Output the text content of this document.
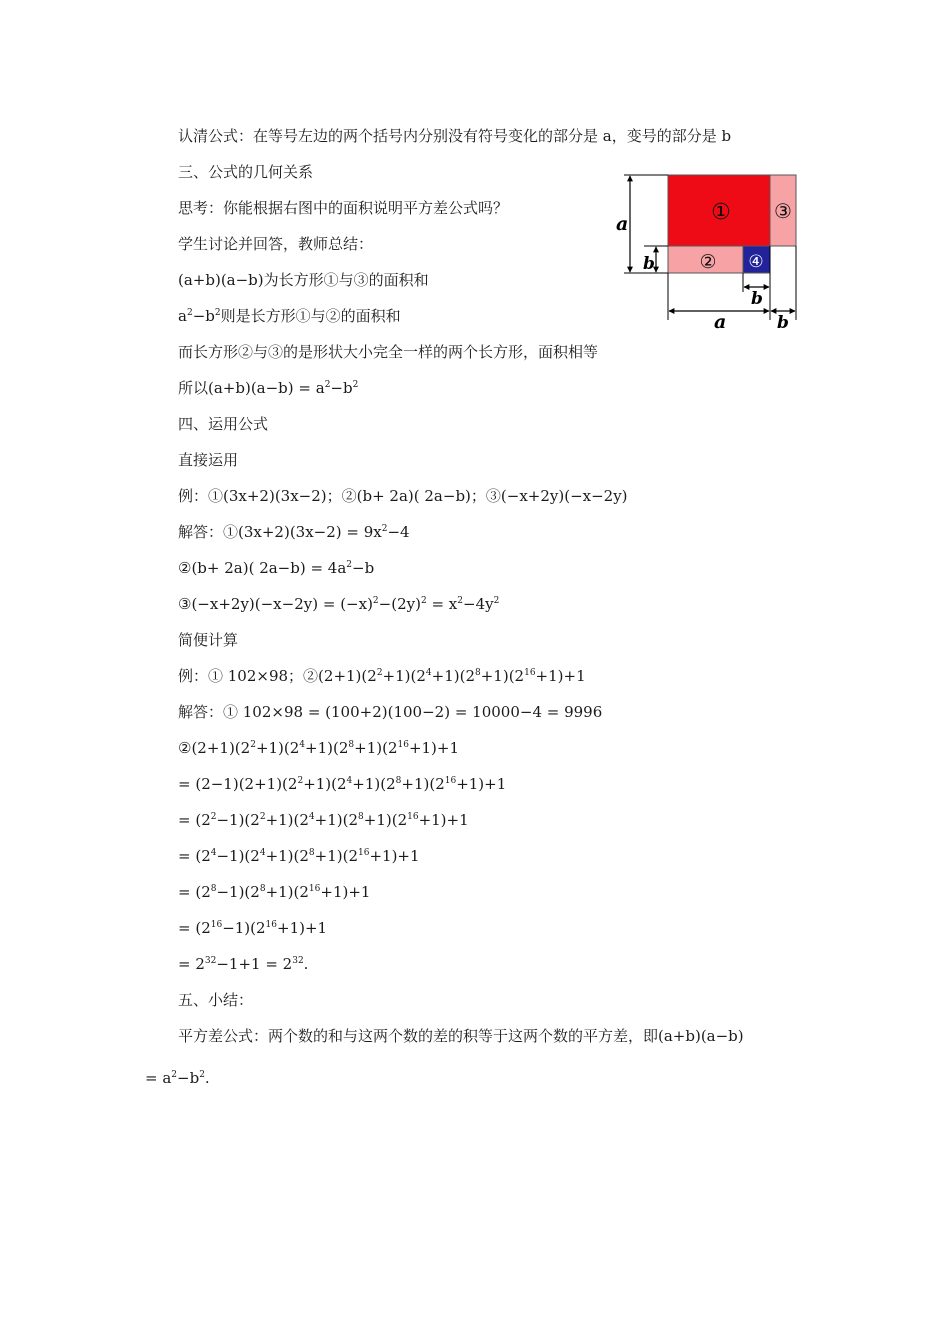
认清公式：在等号左边的两个括号内分别没有符号变化的部分是 a，变号的部分是 b
三、公式的几何关系
思考：你能根据右图中的面积说明平方差公式吗？
学生讨论并回答，教师总结：
(a+b)(a−b)为长方形①与③的面积和
$a^2-b^2$则是长方形①与②的面积和
而长方形②与③的是形状大小完全一样的两个长方形，面积相等
所以$(a+b)(a-b) = a^2-b^2$
四、运用公式
直接运用
例：①(3x+2)(3x−2)；②(b+ 2a)( 2a−b)；③(−x+2y)(−x−2y)
解答：①(3x+2)(3x−2) = $9x^2-4$
②(b+ 2a)( $2a-b) = 4a^2-b$
③(−x+2y)(−x−2y) = $(-x)^2-(2y)^2 = x^2-4y^2$
简便计算
例：① 102×98；$②(2+1)(2^2+1)(2^4+1)(2^8+1)(2^{16}+1)+1$
解答：① 102×98 = (100+2)(100−2) = 10000−4 = 9996
$②(2+1)(2^2+1)(2^4+1)(2^8+1)(2^{16}+1)+1$
= $(2-1)(2+1)(2^2+1)(2^4+1)(2^8+1)(2^{16}+1)+1$
= $(2^2-1)(2^2+1)(2^4+1)(2^8+1)(2^{16}+1)+1$
= $(2^4-1)(2^4+1)(2^8+1)(2^{16}+1)+1$
= $(2^8-1)(2^8+1)(2^{16}+1)+1$
= $(2^{16}-1)(2^{16}+1)+1$
= $2^{32}-1+1 = 2^{32}$.
五、小结：
平方差公式：两个数的和与这两个数的差的积等于这两个数的平方差，即(a+b)(a−b)
= $a^2-b^2$.
① ③
② ④
a
b
b
a	b
